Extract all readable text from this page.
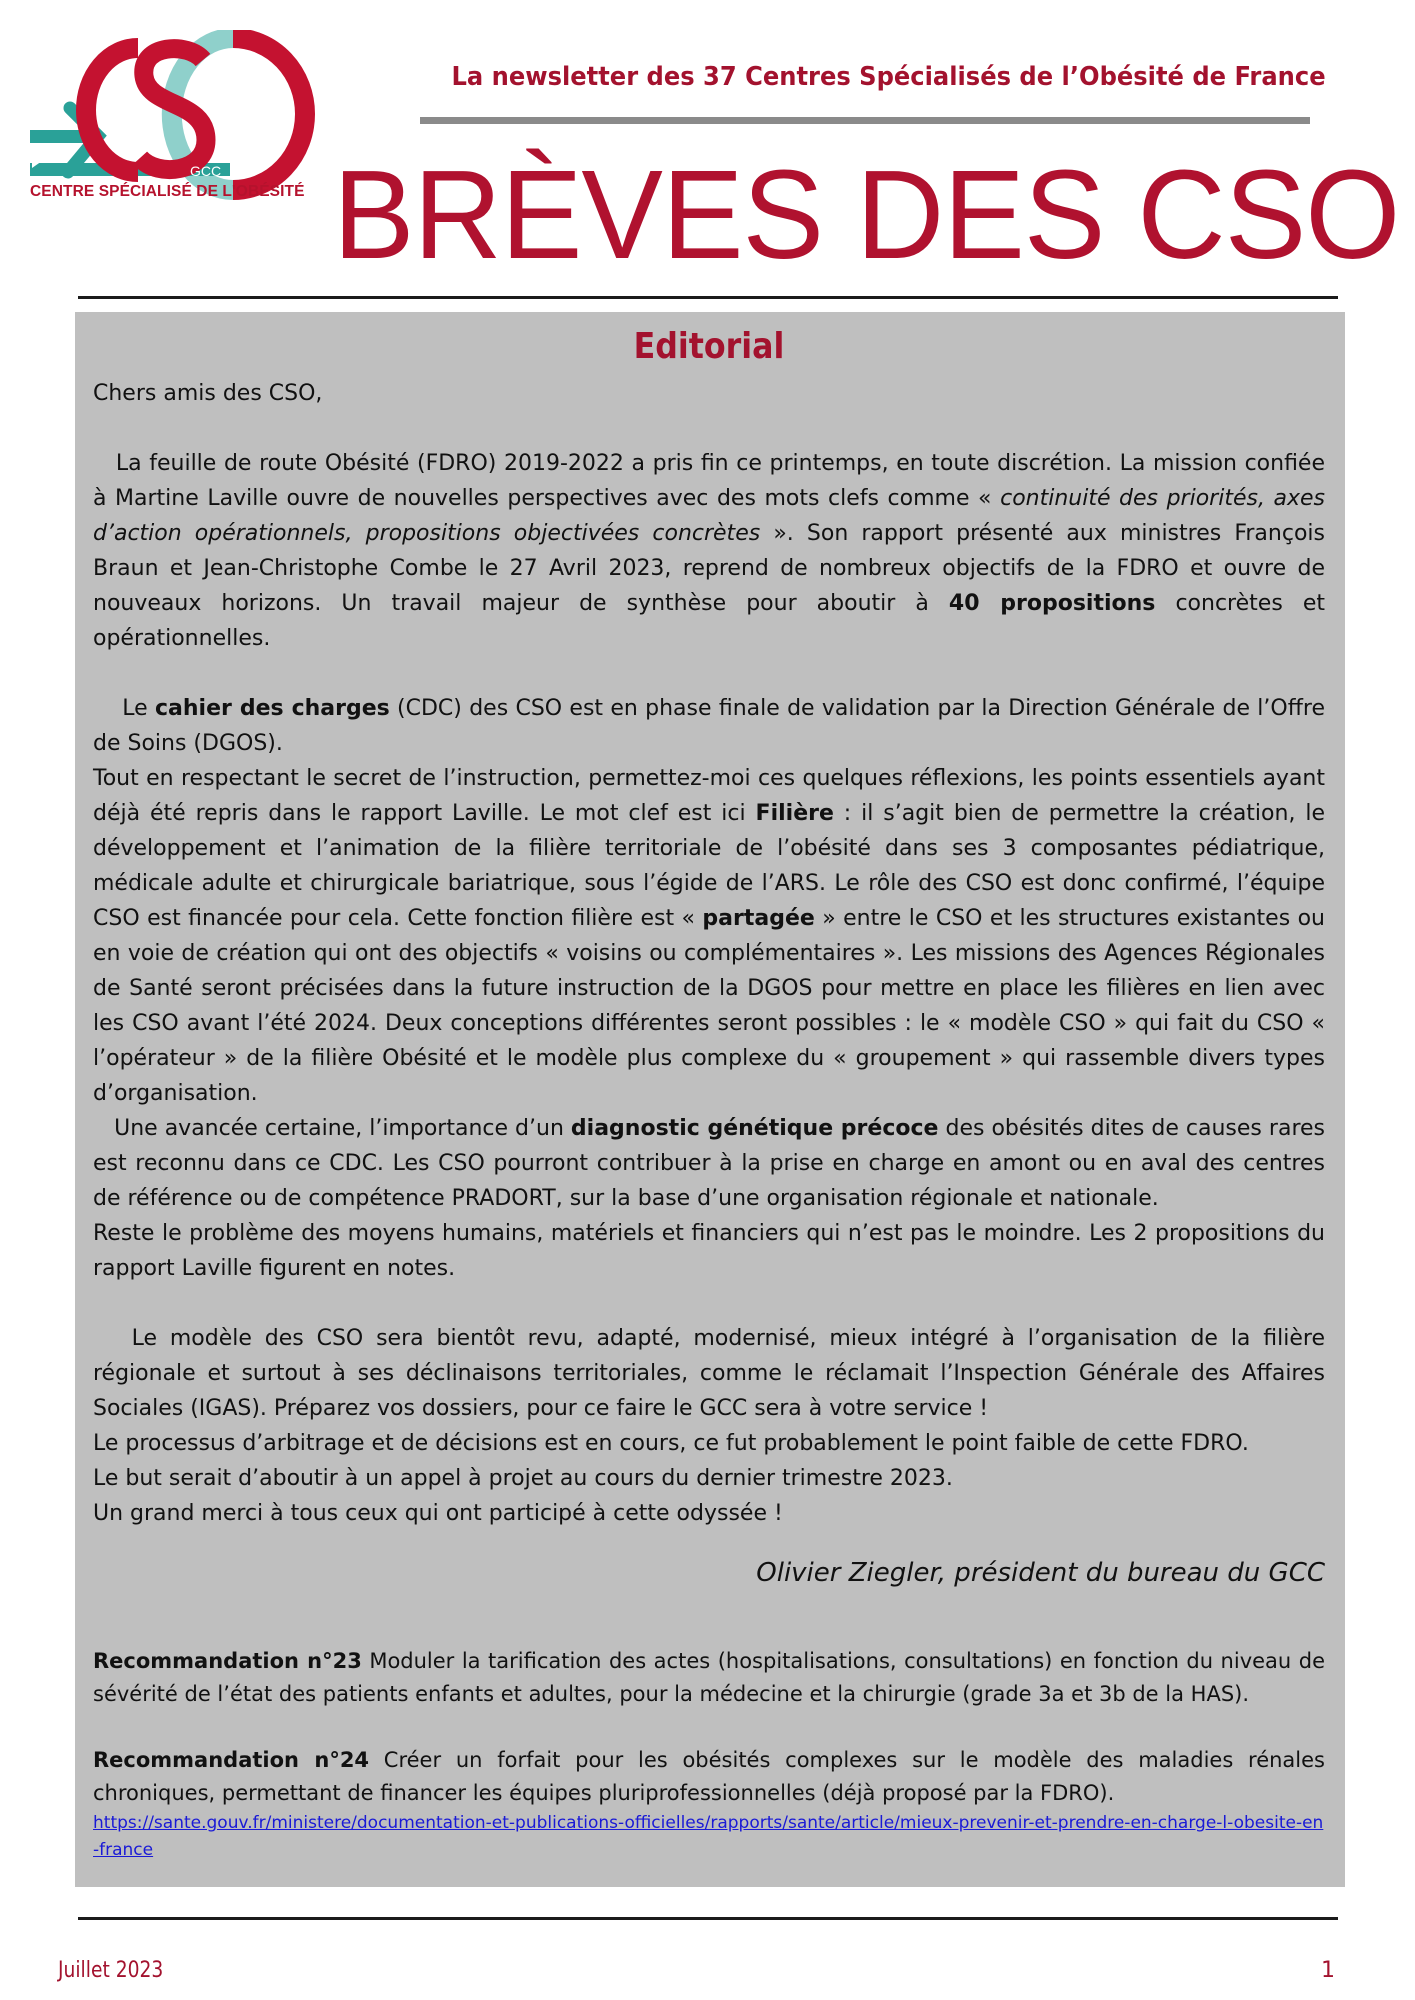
GCC
CENTRE SPÉCIALISÉ DE L'OBÉSITÉ
La newsletter des 37 Centres Spécialisés de l’Obésité de France
BRÈVES DES CSO
Editorial

Chers amis des CSO,

La feuille de route Obésité (FDRO) 2019-2022 a pris fin ce printemps, en toute discrétion. La mission confiée à Martine Laville ouvre de nouvelles perspectives avec des mots clefs comme « continuité des priorités, axes d’action opérationnels, propositions objectivées concrètes ». Son rapport présenté aux ministres François Braun et Jean-Christophe Combe le 27 Avril 2023, reprend de nombreux objectifs de la FDRO et ouvre de nouveaux horizons. Un travail majeur de synthèse pour aboutir à 40 propositions concrètes et opérationnelles.

Le cahier des charges (CDC) des CSO est en phase finale de validation par la Direction Générale de l’Offre de Soins (DGOS).

Tout en respectant le secret de l’instruction, permettez-moi ces quelques réflexions, les points essentiels ayant déjà été repris dans le rapport Laville. Le mot clef est ici Filière : il s’agit bien de permettre la création, le développement et l’animation de la filière territoriale de l’obésité dans ses 3 composantes pédiatrique, médicale adulte et chirurgicale bariatrique, sous l’égide de l’ARS. Le rôle des CSO est donc confirmé, l’équipe CSO est financée pour cela. Cette fonction filière est « partagée » entre le CSO et les structures existantes ou en voie de création qui ont des objectifs « voisins ou complémentaires ». Les missions des Agences Régionales de Santé seront précisées dans la future instruction de la DGOS pour mettre en place les filières en lien avec les CSO avant l’été 2024. Deux conceptions différentes seront possibles : le « modèle CSO » qui fait du CSO « l’opérateur » de la filière Obésité et le modèle plus complexe du « groupement » qui rassemble divers types d’organisation.

Une avancée certaine, l’importance d’un diagnostic génétique précoce des obésités dites de causes rares est reconnu dans ce CDC. Les CSO pourront contribuer à la prise en charge en amont ou en aval des centres de référence ou de compétence PRADORT, sur la base d’une organisation régionale et nationale.

Reste le problème des moyens humains, matériels et financiers qui n’est pas le moindre. Les 2 propositions du rapport Laville figurent en notes.

Le modèle des CSO sera bientôt revu, adapté, modernisé, mieux intégré à l’organisation de la filière régionale et surtout à ses déclinaisons territoriales, comme le réclamait l’Inspection Générale des Affaires Sociales (IGAS). Préparez vos dossiers, pour ce faire le GCC sera à votre service !

Le processus d’arbitrage et de décisions est en cours, ce fut probablement le point faible de cette FDRO.

Le but serait d’aboutir à un appel à projet au cours du dernier trimestre 2023.

Un grand merci à tous ceux qui ont participé à cette odyssée !

Olivier Ziegler, président du bureau du GCC

Recommandation n°23 Moduler la tarification des actes (hospitalisations, consultations) en fonction du niveau de sévérité de l’état des patients enfants et adultes, pour la médecine et la chirurgie (grade 3a et 3b de la HAS).

Recommandation n°24 Créer un forfait pour les obésités complexes sur le modèle des maladies rénales chroniques, permettant de financer les équipes pluriprofessionnelles (déjà proposé par la FDRO).

https://sante.gouv.fr/ministere/documentation-et-publications-officielles/rapports/sante/article/mieux-prevenir-et-prendre-en-charge-l-obesite-en-france
Juillet 2023	1
